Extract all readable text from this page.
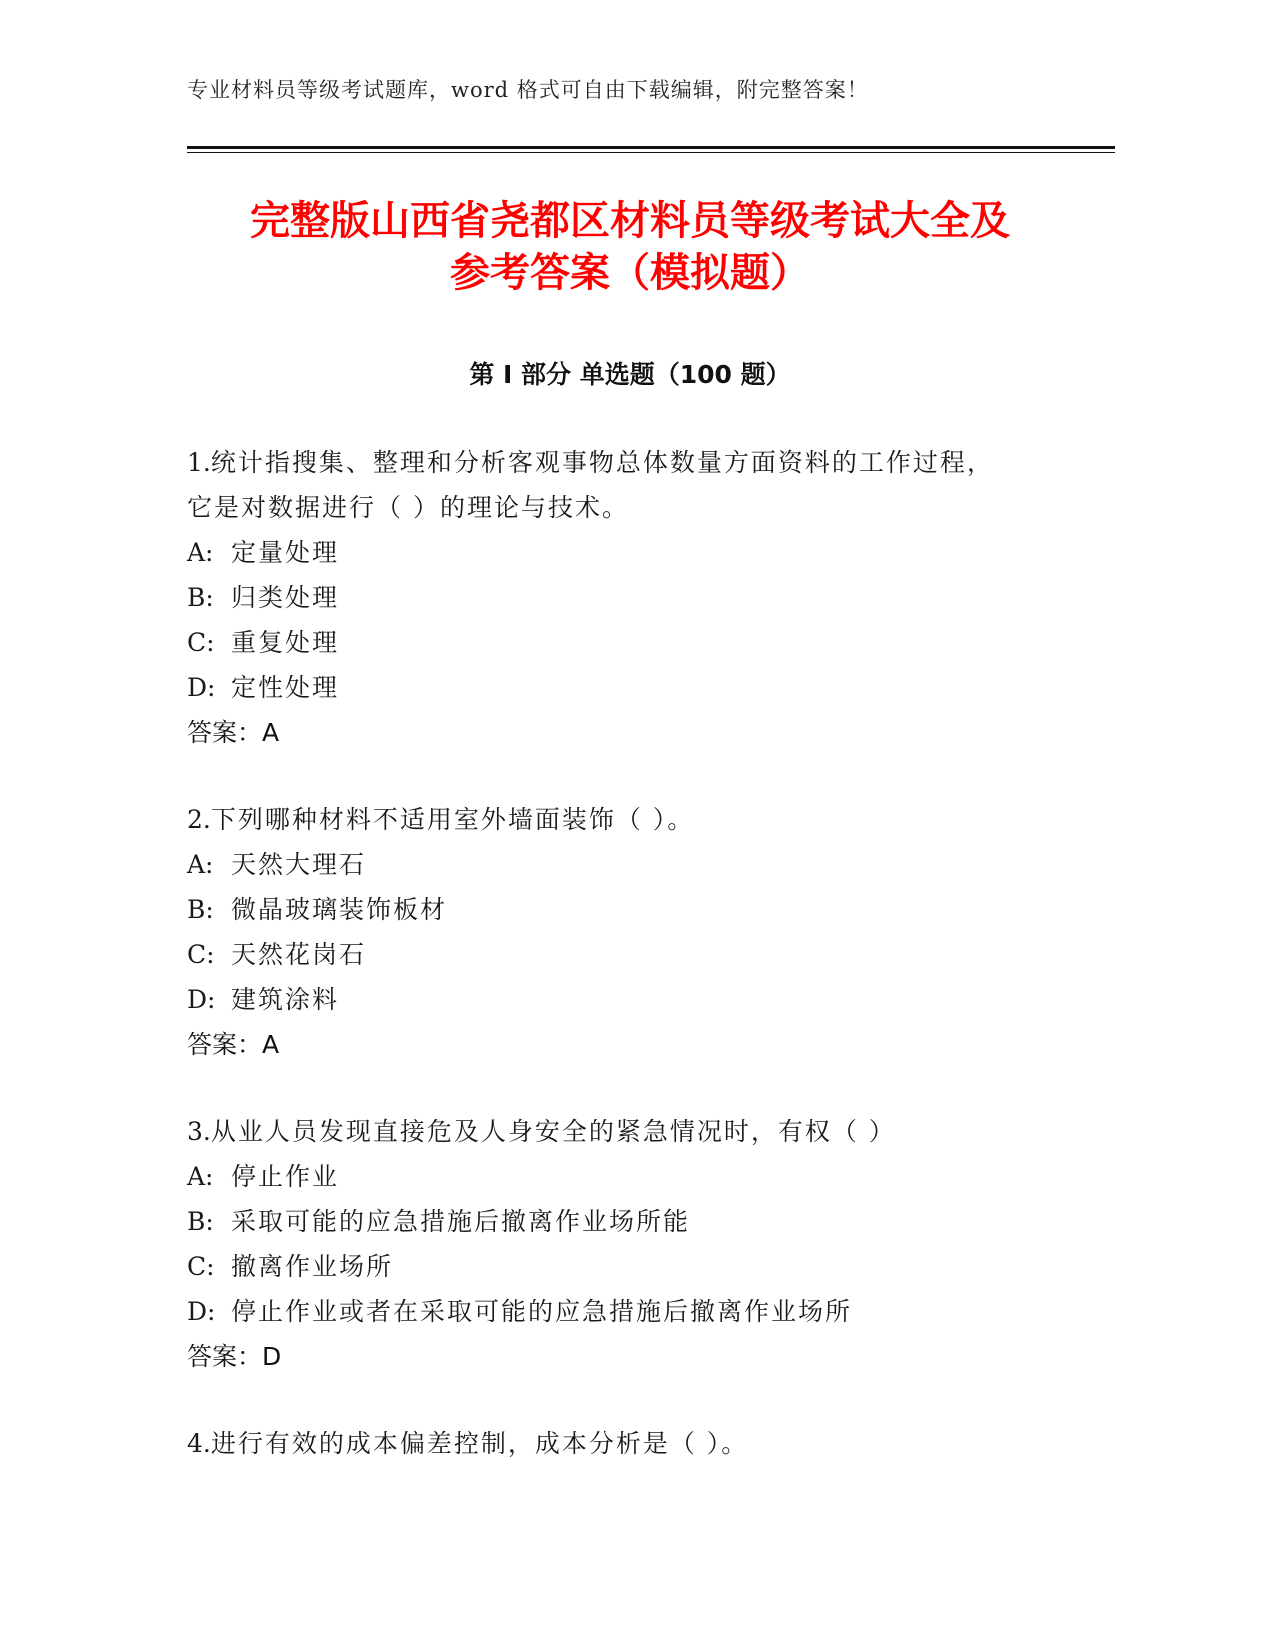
专业材料员等级考试题库，word 格式可自由下载编辑，附完整答案！
完整版山西省尧都区材料员等级考试大全及
参考答案（模拟题）
第 I 部分 单选题（100 题）
1.统计指搜集、整理和分析客观事物总体数量方面资料的工作过程，
它是对数据进行（ ）的理论与技术。
A: 定量处理
B: 归类处理
C: 重复处理
D: 定性处理
答案：A
2.下列哪种材料不适用室外墙面装饰（ ）。
A: 天然大理石
B: 微晶玻璃装饰板材
C: 天然花岗石
D: 建筑涂料
答案：A
3.从业人员发现直接危及人身安全的紧急情况时，有权（ ）
A: 停止作业
B: 采取可能的应急措施后撤离作业场所能
C: 撤离作业场所
D: 停止作业或者在采取可能的应急措施后撤离作业场所
答案：D
4.进行有效的成本偏差控制，成本分析是（ ）。
